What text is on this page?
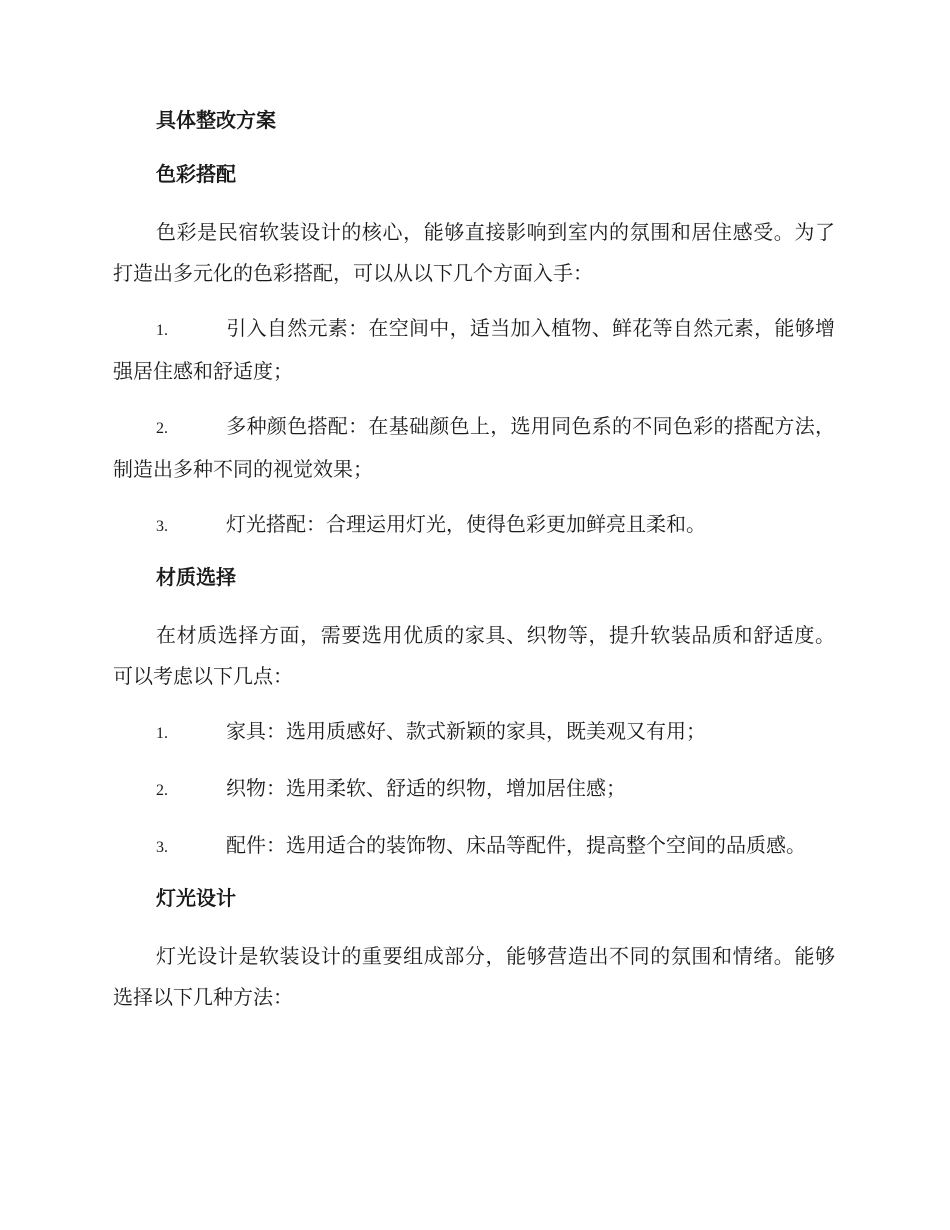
具体整改方案
色彩搭配

色彩是民宿软装设计的核心，能够直接影响到室内的氛围和居住感受。为了打造出多元化的色彩搭配，可以从以下几个方面入手：

1.	引入自然元素：在空间中，适当加入植物、鲜花等自然元素，能够增强居住感和舒适度；

2.	多种颜色搭配：在基础颜色上，选用同色系的不同色彩的搭配方法，制造出多种不同的视觉效果；

3.	灯光搭配：合理运用灯光，使得色彩更加鲜亮且柔和。

材质选择

在材质选择方面，需要选用优质的家具、织物等，提升软装品质和舒适度。可以考虑以下几点：

1.	家具：选用质感好、款式新颖的家具，既美观又有用；

2.	织物：选用柔软、舒适的织物，增加居住感；

3.	配件：选用适合的装饰物、床品等配件，提高整个空间的品质感。

灯光设计

灯光设计是软装设计的重要组成部分，能够营造出不同的氛围和情绪。能够选择以下几种方法：
